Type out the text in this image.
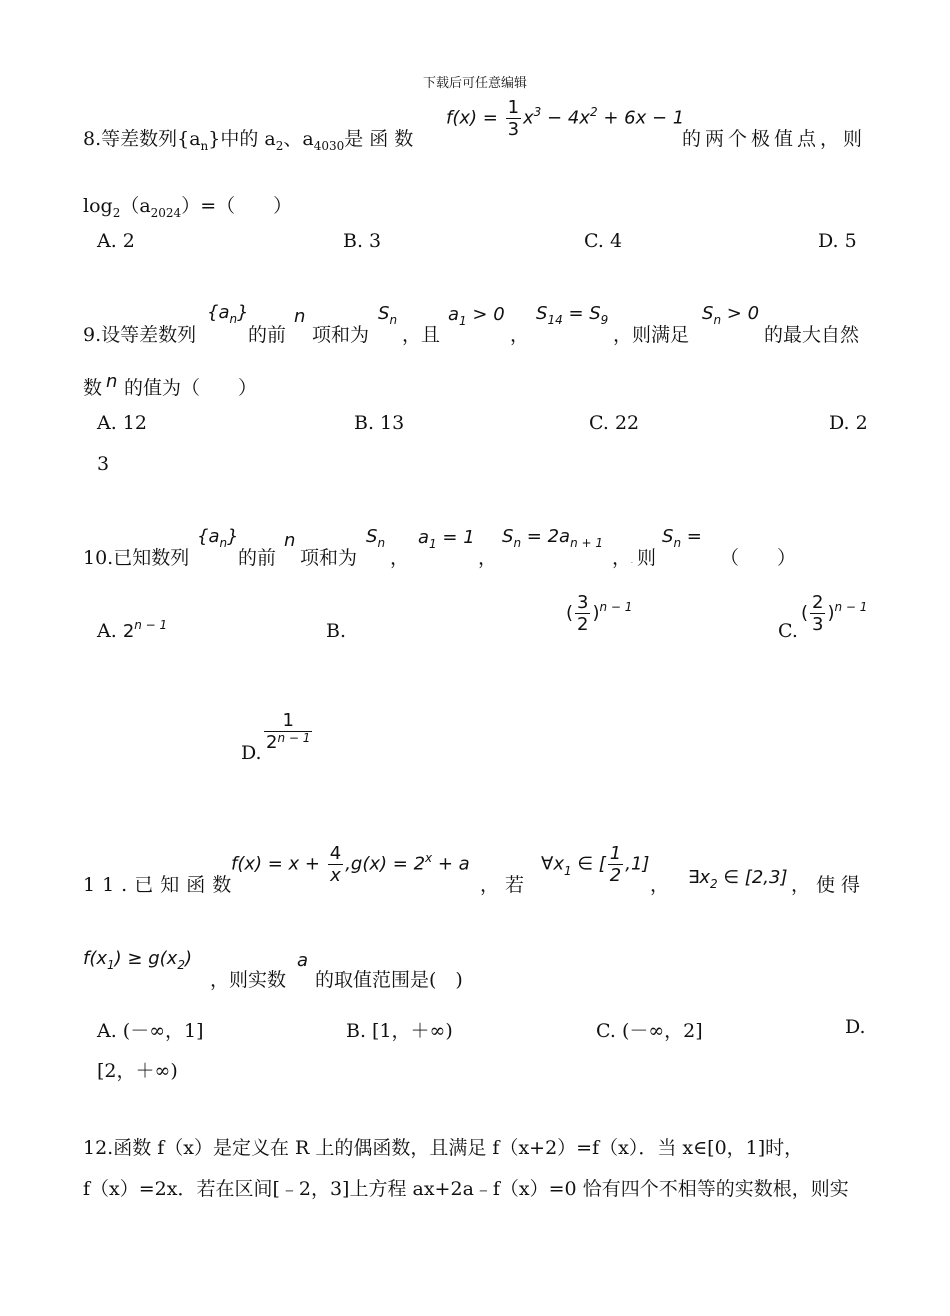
下载后可任意编辑
8.等差数列$\{a_n\}$中的 $a_2$、$a_{4030}$是函数
$f(x) = \frac{1}{3} x^3 - 4x^2 + 6x - 1$
的两个极值点，则
$\log_2(a_{2024})=$（　　）
A. 2	B. 3	C. 4	D. 5
9.设等差数列
$\{a_n\}$
的前
n
项和为
$S_n$
，且
$a_1 > 0$
，
$S_{14} = S_9$
，则满足
$S_n > 0$
的最大自然
数 n 的值为（　　）
A. 12	B. 13	C. 22	D. 2
3
10.已知数列
$\{a_n\}$
的前
n
项和为
$S_n$
，
$a_1 = 1$
，
$S_n = 2a_{n + 1}$
， · 则
$S_n$ =
（　　）
A. $2^{n - 1}$	B.
( $\frac{3}{2} )^{n - 1}$
C.
( $\frac{2}{3} )^{n - 1}$
D. $\frac{1}{2^{n - 1}}$
11.已知函数
$f(x) = x + \frac{4}{x} ,g(x) = 2^x + a$
，若
$\forall x_1$ ∈ [ $\frac{1}{2} ,1$]
， $\exists x_2$ ∈ [2,3] ，使得
$f(x_1) \ge g(x_2)$
，则实数
a
的取值范围是(　)
A. (－∞，1]	B. [1，＋∞)	C. (－∞，2]	D.
[2，＋∞)
12.函数 f（x）是定义在 R 上的偶函数，且满足 f（x+2）=f（x）．当 x∈[0，1]时，
f（x）=2x．若在区间[﹣2，3]上方程 ax+2a﹣f（x）=0 恰有四个不相等的实数根，则实
